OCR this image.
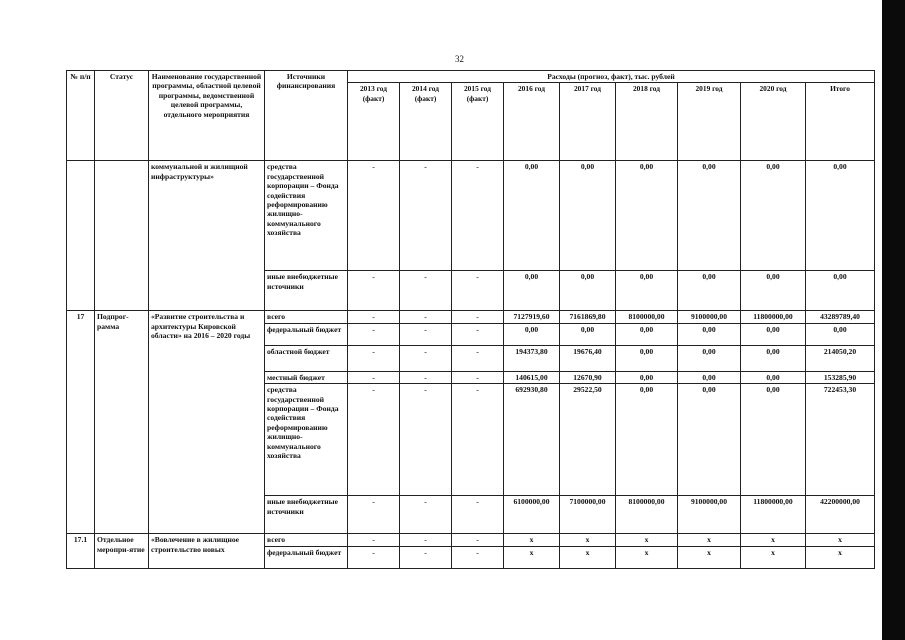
32
№ п/п	Статус	Наименование государственной программы, областной целевой программы, ведомственной целевой программы, отдельного мероприятия	Источники финансирования	Расходы (прогноз, факт), тыс. рублей								
				2013 год (факт)	2014 год (факт)	2015 год (факт)	2016 год	2017 год	2018 год	2019 год	2020 год	Итого
		коммунальной и жилищной инфраструктуры»	средства государственной корпорации – Фонда содействия реформированию жилищно-коммунального хозяйства	-	-	-	0,00	0,00	0,00	0,00	0,00	0,00
			иные внебюджетные источники	-	-	-	0,00	0,00	0,00	0,00	0,00	0,00
17	Подпрог-рамма	«Развитие строительства и архитектуры Кировской области» на 2016 – 2020 годы	всего	-	-	-	7127919,60	7161869,80	8100000,00	9100000,00	11800000,00	43289789,40
			федеральный бюджет	-	-	-	0,00	0,00	0,00	0,00	0,00	0,00
			областной бюджет	-	-	-	194373,80	19676,40	0,00	0,00	0,00	214050,20
			местный бюджет	-	-	-	140615,00	12670,90	0,00	0,00	0,00	153285,90
			средства государственной корпорации – Фонда содействия реформированию жилищно-коммунального хозяйства	-	-	-	692930,80	29522,50	0,00	0,00	0,00	722453,30
			иные внебюджетные источники	-	-	-	6100000,00	7100000,00	8100000,00	9100000,00	11800000,00	42200000,00
17.1	Отдельное меропри-ятие	«Вовлечение в жилищное строительство новых	всего	-	-	-	x	x	x	x	x	x
			федеральный бюджет	-	-	-	x	x	x	x	x	x
